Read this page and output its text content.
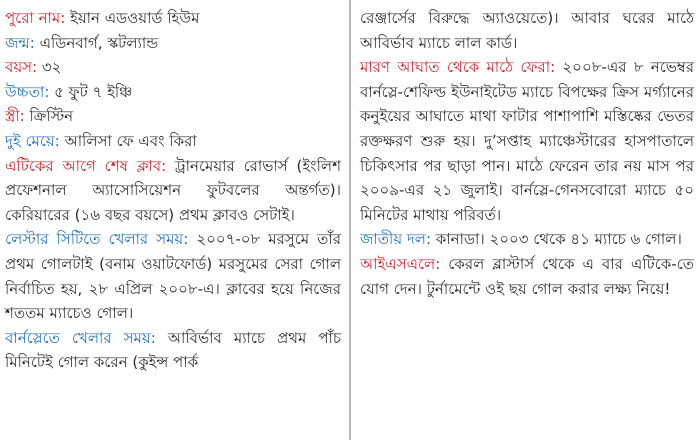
পুরো নাম: ইয়ান এডওয়ার্ড হিউম

জন্ম: এডিনবার্গ, স্কটল্যান্ড

বয়স: ৩২

উচ্চতা: ৫ ফুট ৭ ইঞ্চি

স্ত্রী: ক্রিস্টিন

দুই মেয়ে: আলিসা ফে এবং কিরা

এটিকের আগে শেষ ক্লাব: ট্রানমেয়ার রোভার্স (ইংলিশ প্রফেশনাল অ্যাসোসিয়েশন ফুটবলের অন্তর্গত)। কেরিয়ারের (১৬ বছর বয়সে) প্রথম ক্লাবও সেটাই।

লেস্টার সিটিতে খেলার সময়: ২০০৭-০৮ মরসুমে তাঁর প্রথম গোলটাই (বনাম ওয়াটফোর্ড) মরসুমের সেরা গোল নির্বাচিত হয়, ২৮ এপ্রিল ২০০৮-এ। ক্লাবের হয়ে নিজের শততম ম্যাচেও গোল।

বার্নস্লেতে খেলার সময়: আবির্ভাব ম্যাচে প্রথম পাঁচ মিনিটেই গোল করেন (কুইন্স পার্ক

রেঞ্জার্সের বিরুদ্ধে অ্যাওয়েতে)। আবার ঘরের মাঠে আবির্ভাব ম্যাচে লাল কার্ড।

মারণ আঘাত থেকে মাঠে ফেরা: ২০০৮-এর ৮ নভেম্বর বার্নস্লে-শেফিল্ড ইউনাইটেড ম্যাচে বিপক্ষের ক্রিস মর্গ্যানের কনুইয়ের আঘাতে মাথা ফাটার পাশাপাশি মস্তিষ্কের ভেতর রক্তক্ষরণ শুরু হয়। দু’সপ্তাহ ম্যাঞ্চেস্টারের হাসপাতালে চিকিৎসার পর ছাড়া পান। মাঠে ফেরেন তার নয় মাস পর ২০০৯-এর ২১ জুলাই। বার্নস্লে-গেনসবোরো ম্যাচে ৫০ মিনিটের মাথায় পরিবর্ত।

জাতীয় দল: কানাডা। ২০০৩ থেকে ৪১ ম্যাচে ৬ গোল।

আইএসএলে: কেরল ব্লাস্টার্স থেকে এ বার এটিকে-তে যোগ দেন। টুর্নামেন্টে ওই ছয় গোল করার লক্ষ্য নিয়ে!
